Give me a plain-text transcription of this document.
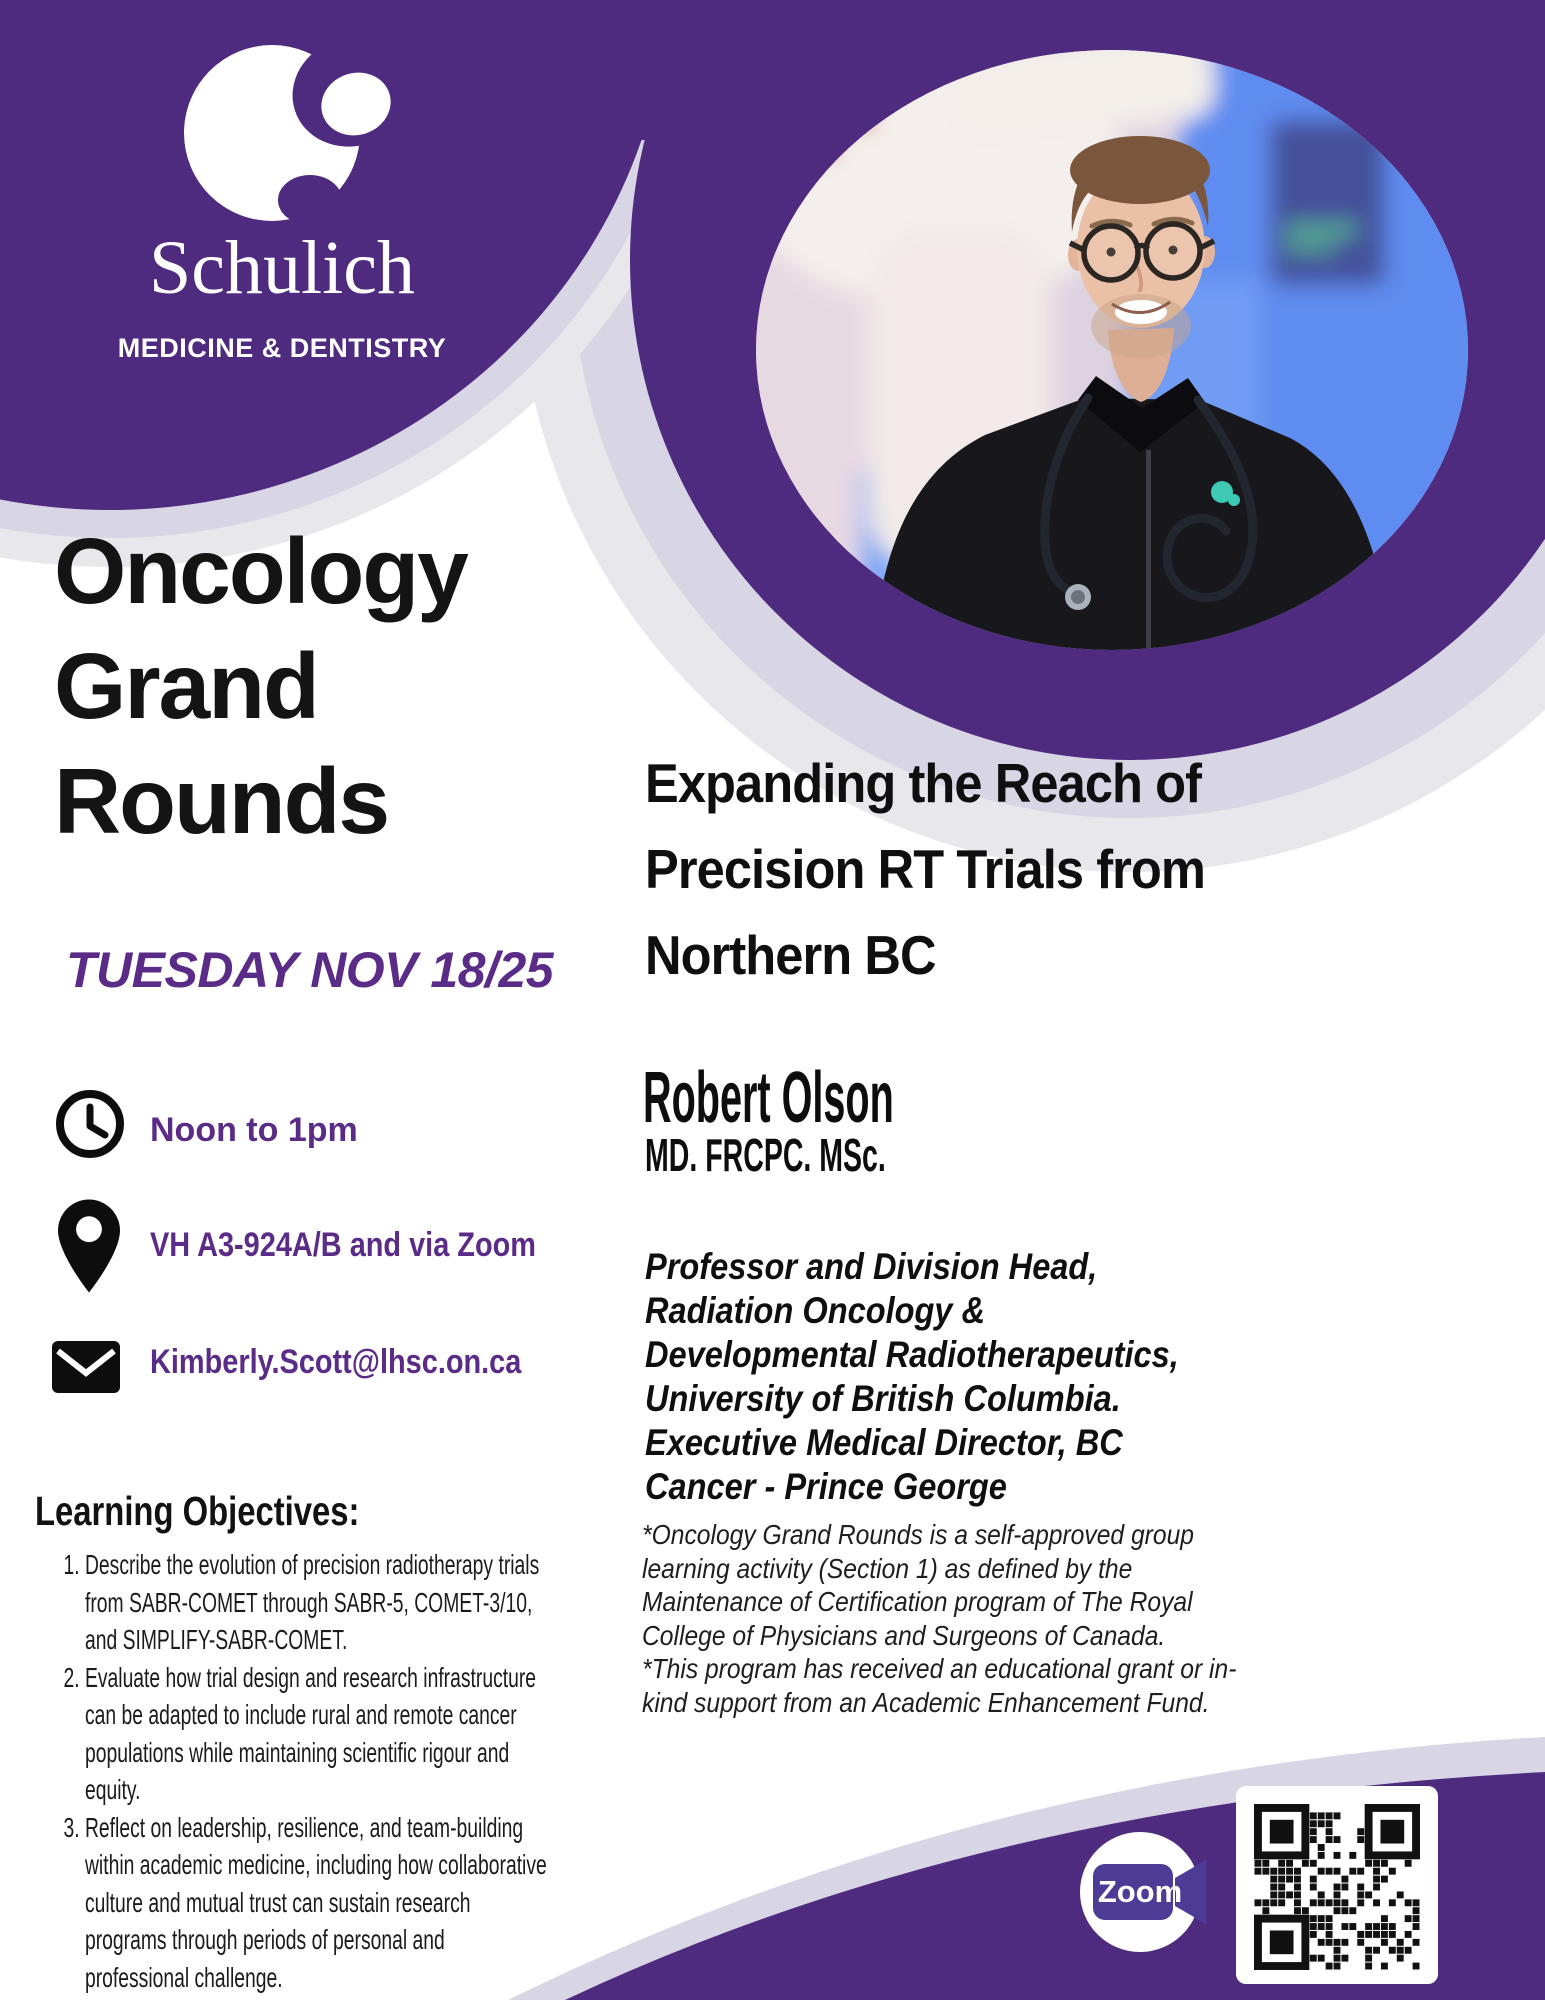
Schulich
MEDICINE & DENTISTRY
Oncology Grand Rounds
TUESDAY NOV 18/25
Noon to 1pm
VH A3-924A/B and via Zoom
Kimberly.Scott@lhsc.on.ca
Learning Objectives:
1. Describe the evolution of precision radiotherapy trials from SABR-COMET through SABR-5, COMET-3/10, and SIMPLIFY-SABR-COMET.
2. Evaluate how trial design and research infrastructure can be adapted to include rural and remote cancer populations while maintaining scientific rigour and equity.
3. Reflect on leadership, resilience, and team-building within academic medicine, including how collaborative culture and mutual trust can sustain research programs through periods of personal and professional challenge.
Expanding the Reach of
Precision RT Trials from
Northern BC
Robert Olson
MD. FRCPC. MSc.
Professor and Division Head,
Radiation Oncology &
Developmental Radiotherapeutics,
University of British Columbia.
Executive Medical Director, BC
Cancer - Prince George
*Oncology Grand Rounds is a self-approved group
learning activity (Section 1) as defined by the
Maintenance of Certification program of The Royal
College of Physicians and Surgeons of Canada.
*This program has received an educational grant or in-
kind support from an Academic Enhancement Fund.
Zoom
